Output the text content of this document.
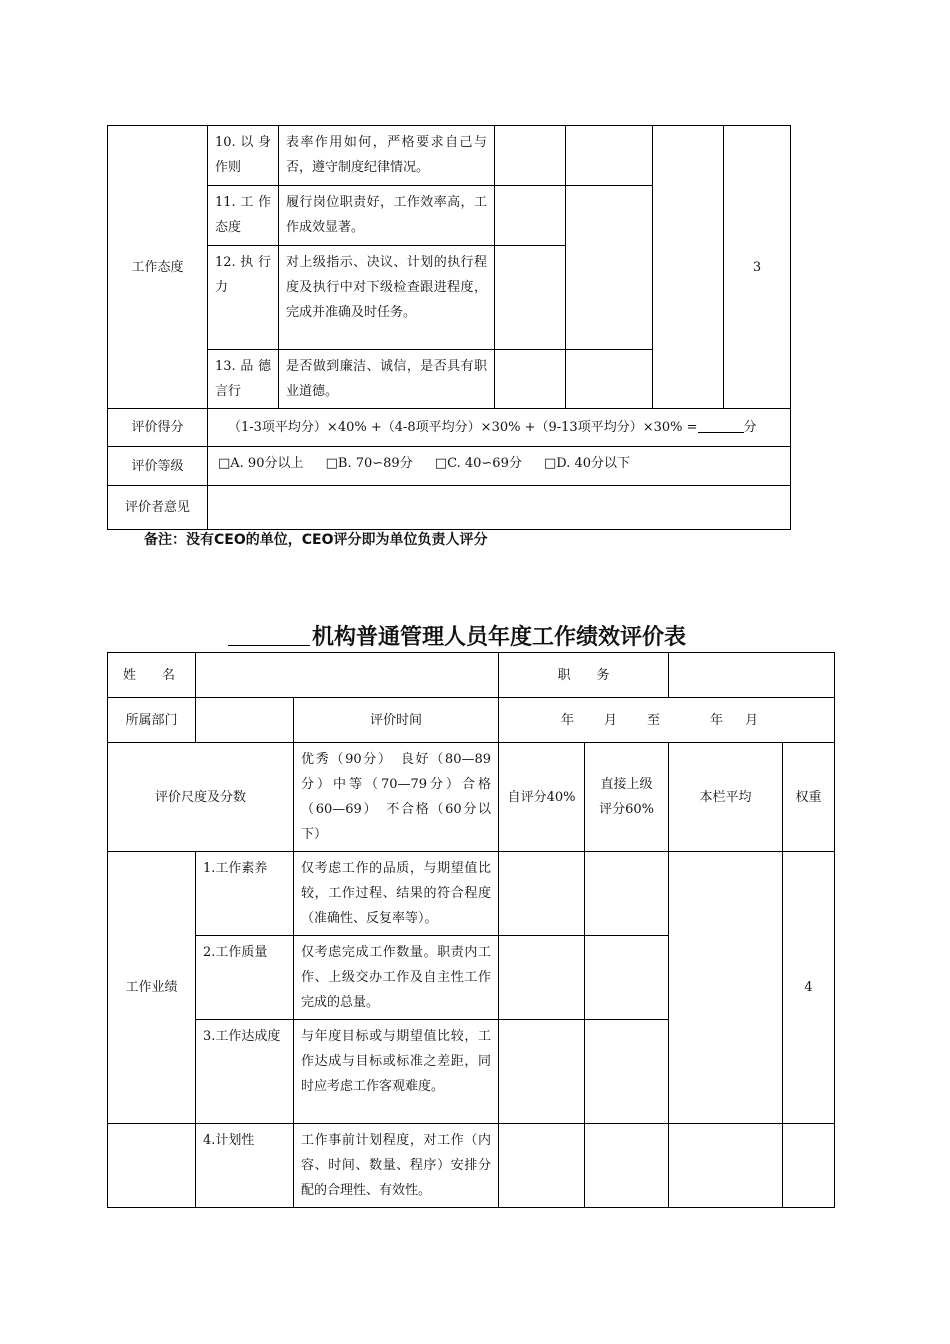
工作态度	10.以身作则	表率作用如何，严格要求自己与否，遵守制度纪律情况。				3
	11.工作态度	履行岗位职责好，工作效率高，工作成效显著。				
	12.执行力	对上级指示、决议、计划的执行程度及执行中对下级检查跟进程度，完成并准确及时任务。				
	13.品德言行	是否做到廉洁、诚信，是否具有职业道德。				
评价得分	（1-3项平均分）×40% +（4-8项平均分）×30% +（9-13项平均分）×30% = 分					
评价等级	□A. 90分以上 □B. 70∽89分 □C. 40∽69分 □D. 40分以下					
评价者意见						
备注：没有CEO的单位，CEO评分即为单位负责人评分
机构普通管理人员年度工作绩效评价表
姓　　名			职　　务			
所属部门		评价时间	年 月 至 年 月			
评价尺度及分数		优秀（90分）　良好（80—89分）中等（70—79分）合格（60—69）　不合格（60分以下）	自评分40%	直接上级评分60%	本栏平均	权重
工作业绩	1.工作素养	仅考虑工作的品质，与期望值比较，工作过程、结果的符合程度（准确性、反复率等）。				4
	2.工作质量	仅考虑完成工作数量。职责内工作、上级交办工作及自主性工作完成的总量。				
	3.工作达成度	与年度目标或与期望值比较，工作达成与目标或标准之差距，同时应考虑工作客观难度。				
	4.计划性	工作事前计划程度，对工作（内容、时间、数量、程序）安排分配的合理性、有效性。				
